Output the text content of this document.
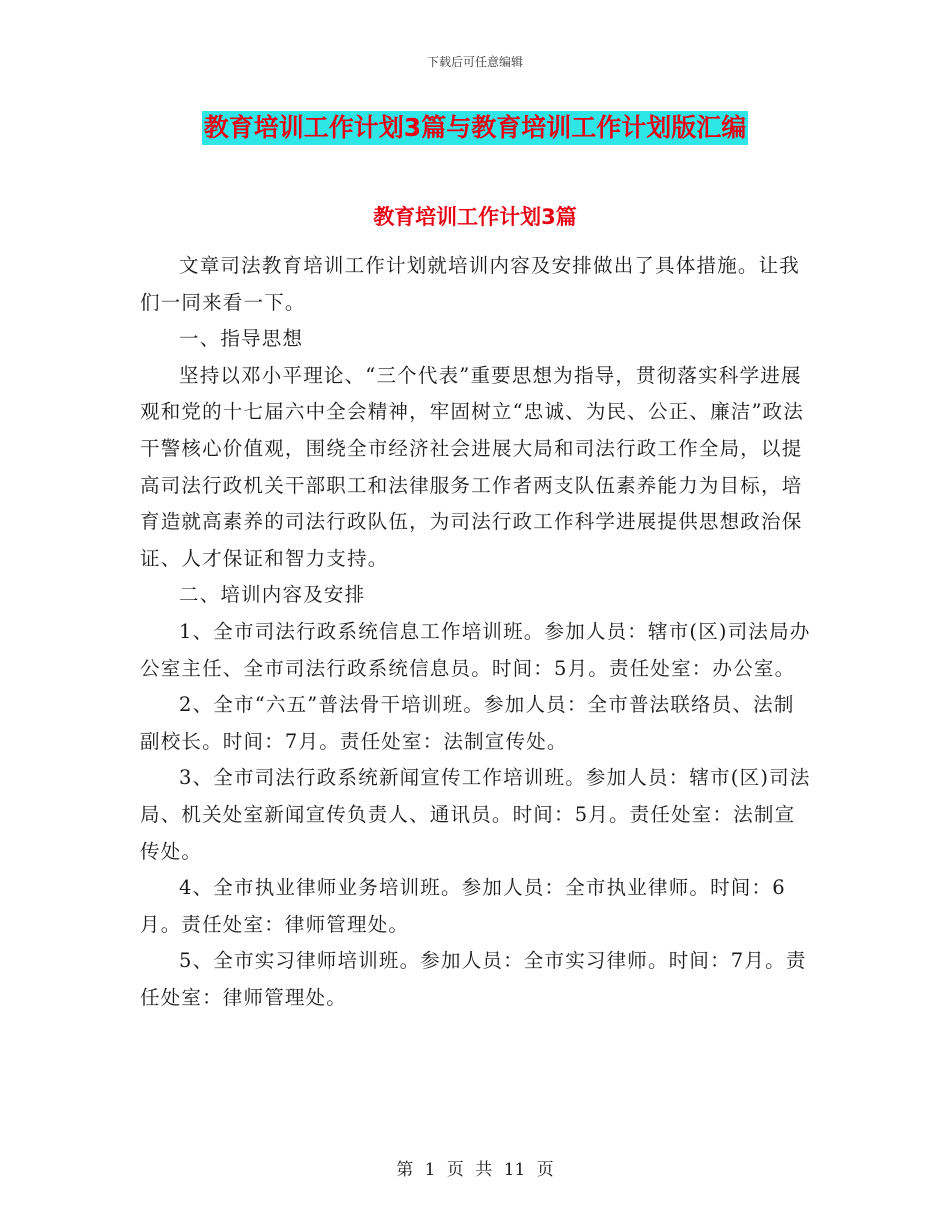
下载后可任意编辑
教育培训工作计划3篇与教育培训工作计划版汇编
教育培训工作计划3篇

文章司法教育培训工作计划就培训内容及安排做出了具体措施。让我们一同来看一下。

一、指导思想

坚持以邓小平理论、“三个代表”重要思想为指导，贯彻落实科学进展观和党的十七届六中全会精神，牢固树立“忠诚、为民、公正、廉洁”政法干警核心价值观，围绕全市经济社会进展大局和司法行政工作全局，以提高司法行政机关干部职工和法律服务工作者两支队伍素养能力为目标，培育造就高素养的司法行政队伍，为司法行政工作科学进展提供思想政治保证、人才保证和智力支持。

二、培训内容及安排

1、全市司法行政系统信息工作培训班。参加人员：辖市(区)司法局办公室主任、全市司法行政系统信息员。时间：5月。责任处室：办公室。

2、全市“六五”普法骨干培训班。参加人员：全市普法联络员、法制副校长。时间：7月。责任处室：法制宣传处。

3、全市司法行政系统新闻宣传工作培训班。参加人员：辖市(区)司法局、机关处室新闻宣传负责人、通讯员。时间：5月。责任处室：法制宣传处。

4、全市执业律师业务培训班。参加人员：全市执业律师。时间：6月。责任处室：律师管理处。

5、全市实习律师培训班。参加人员：全市实习律师。时间：7月。责任处室：律师管理处。

第 1 页 共 11 页
